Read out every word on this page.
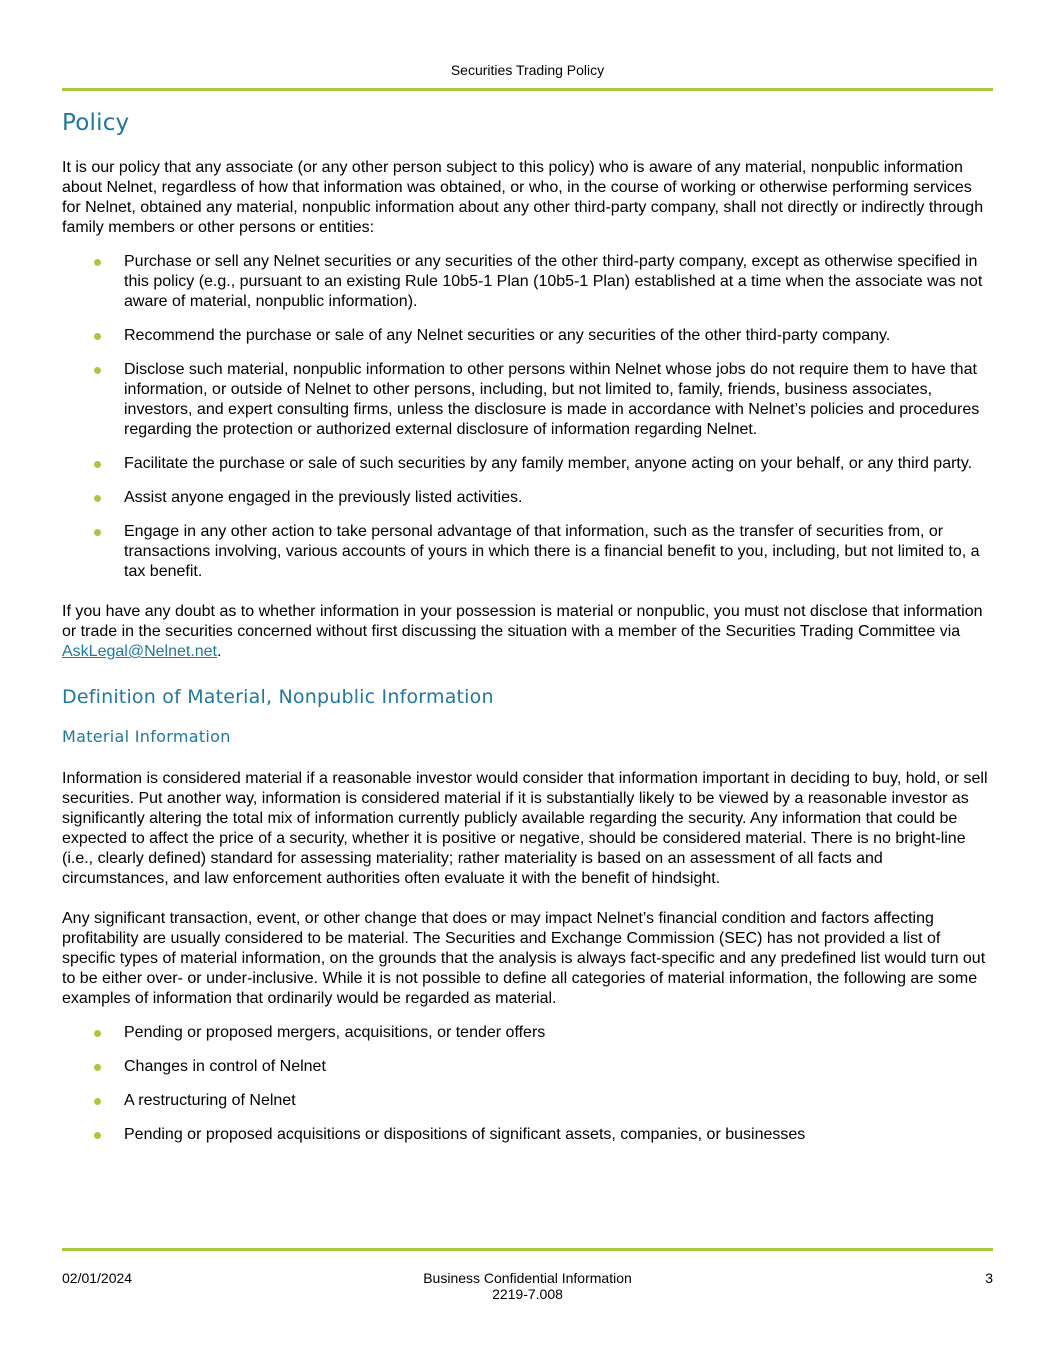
Securities Trading Policy
Policy

It is our policy that any associate (or any other person subject to this policy) who is aware of any material, nonpublic information about Nelnet, regardless of how that information was obtained, or who, in the course of working or otherwise performing services for Nelnet, obtained any material, nonpublic information about any other third-party company, shall not directly or indirectly through family members or other persons or entities:

Purchase or sell any Nelnet securities or any securities of the other third-party company, except as otherwise specified in this policy (e.g., pursuant to an existing Rule 10b5-1 Plan (10b5-1 Plan) established at a time when the associate was not aware of material, nonpublic information).
Recommend the purchase or sale of any Nelnet securities or any securities of the other third-party company.
Disclose such material, nonpublic information to other persons within Nelnet whose jobs do not require them to have that information, or outside of Nelnet to other persons, including, but not limited to, family, friends, business associates, investors, and expert consulting firms, unless the disclosure is made in accordance with Nelnet’s policies and procedures regarding the protection or authorized external disclosure of information regarding Nelnet.
Facilitate the purchase or sale of such securities by any family member, anyone acting on your behalf, or any third party.
Assist anyone engaged in the previously listed activities.
Engage in any other action to take personal advantage of that information, such as the transfer of securities from, or transactions involving, various accounts of yours in which there is a financial benefit to you, including, but not limited to, a tax benefit.

If you have any doubt as to whether information in your possession is material or nonpublic, you must not disclose that information or trade in the securities concerned without first discussing the situation with a member of the Securities Trading Committee via AskLegal@Nelnet.net.

Definition of Material, Nonpublic Information
Material Information

Information is considered material if a reasonable investor would consider that information important in deciding to buy, hold, or sell securities. Put another way, information is considered material if it is substantially likely to be viewed by a reasonable investor as significantly altering the total mix of information currently publicly available regarding the security. Any information that could be expected to affect the price of a security, whether it is positive or negative, should be considered material. There is no bright-line (i.e., clearly defined) standard for assessing materiality; rather materiality is based on an assessment of all facts and circumstances, and law enforcement authorities often evaluate it with the benefit of hindsight.

Any significant transaction, event, or other change that does or may impact Nelnet’s financial condition and factors affecting profitability are usually considered to be material. The Securities and Exchange Commission (SEC) has not provided a list of specific types of material information, on the grounds that the analysis is always fact-specific and any predefined list would turn out to be either over- or under-inclusive. While it is not possible to define all categories of material information, the following are some examples of information that ordinarily would be regarded as material.

Pending or proposed mergers, acquisitions, or tender offers
Changes in control of Nelnet
A restructuring of Nelnet
Pending or proposed acquisitions or dispositions of significant assets, companies, or businesses
02/01/2024	Business Confidential Information
2219-7.008
3
